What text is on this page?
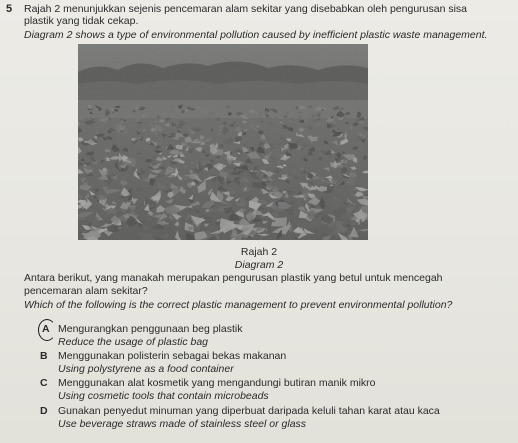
5 Rajah 2 menunjukkan sejenis pencemaran alam sekitar yang disebabkan oleh pengurusan sisa
plastik yang tidak cekap.
Diagram 2 shows a type of environmental pollution caused by inefficient plastic waste management.
Rajah 2
Diagram 2
Antara berikut, yang manakah merupakan pengurusan plastik yang betul untuk mencegah
pencemaran alam sekitar?
Which of the following is the correct plastic management to prevent environmental pollution?
A Mengurangkan penggunaan beg plastik
Reduce the usage of plastic bag
B Menggunakan polisterin sebagai bekas makanan
Using polystyrene as a food container
C Menggunakan alat kosmetik yang mengandungi butiran manik mikro
Using cosmetic tools that contain microbeads
D Gunakan penyedut minuman yang diperbuat daripada keluli tahan karat atau kaca
Use beverage straws made of stainless steel or glass
